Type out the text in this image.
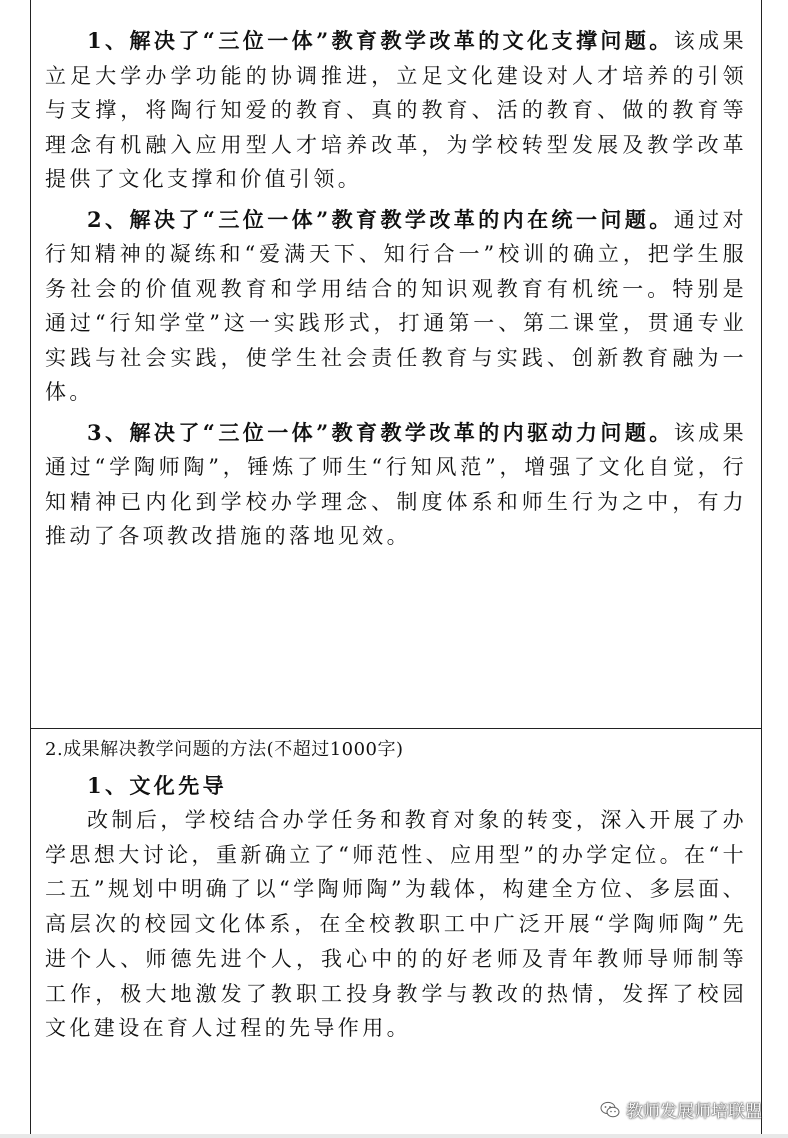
1、解决了“三位一体”教育教学改革的文化支撑问题。该成果立足大学办学功能的协调推进，立足文化建设对人才培养的引领与支撑，将陶行知爱的教育、真的教育、活的教育、做的教育等理念有机融入应用型人才培养改革，为学校转型发展及教学改革提供了文化支撑和价值引领。

2、解决了“三位一体”教育教学改革的内在统一问题。通过对行知精神的凝练和“爱满天下、知行合一”校训的确立，把学生服务社会的价值观教育和学用结合的知识观教育有机统一。特别是通过“行知学堂”这一实践形式，打通第一、第二课堂，贯通专业实践与社会实践，使学生社会责任教育与实践、创新教育融为一体。

3、解决了“三位一体”教育教学改革的内驱动力问题。该成果通过“学陶师陶”，锤炼了师生“行知风范”，增强了文化自觉，行知精神已内化到学校办学理念、制度体系和师生行为之中，有力推动了各项教改措施的落地见效。

2.成果解决教学问题的方法(不超过1000字)

1、文化先导

改制后，学校结合办学任务和教育对象的转变，深入开展了办学思想大讨论，重新确立了“师范性、应用型”的办学定位。在“十二五”规划中明确了以“学陶师陶”为载体，构建全方位、多层面、高层次的校园文化体系，在全校教职工中广泛开展“学陶师陶”先进个人、师德先进个人，我心中的的好老师及青年教师导师制等工作，极大地激发了教职工投身教学与教改的热情，发挥了校园文化建设在育人过程的先导作用。

教师发展师培联盟
